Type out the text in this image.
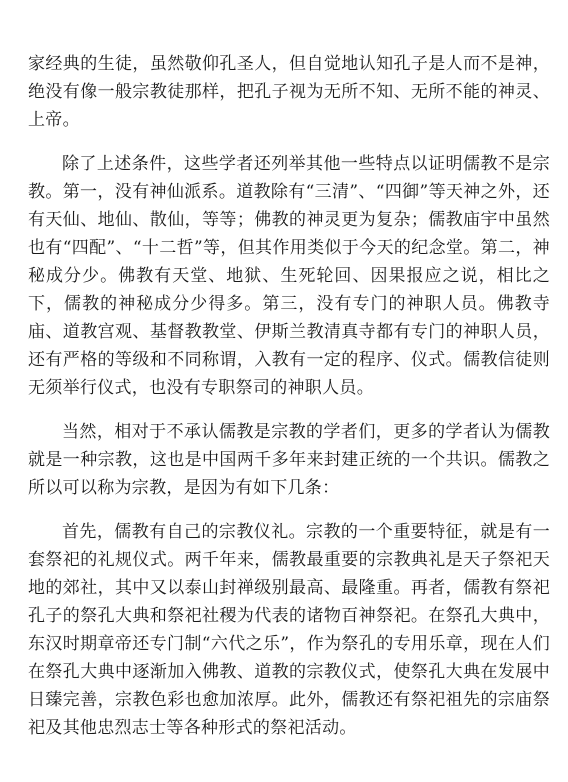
家经典的生徒，虽然敬仰孔圣人，但自觉地认知孔子是人而不是神，绝没有像一般宗教徒那样，把孔子视为无所不知、无所不能的神灵、上帝。

除了上述条件，这些学者还列举其他一些特点以证明儒教不是宗教。第一，没有神仙派系。道教除有“三清”、“四御”等天神之外，还有天仙、地仙、散仙，等等；佛教的神灵更为复杂；儒教庙宇中虽然也有“四配”、“十二哲”等，但其作用类似于今天的纪念堂。第二，神秘成分少。佛教有天堂、地狱、生死轮回、因果报应之说，相比之下，儒教的神秘成分少得多。第三，没有专门的神职人员。佛教寺庙、道教宫观、基督教教堂、伊斯兰教清真寺都有专门的神职人员，还有严格的等级和不同称谓，入教有一定的程序、仪式。儒教信徒则无须举行仪式，也没有专职祭司的神职人员。

当然，相对于不承认儒教是宗教的学者们，更多的学者认为儒教就是一种宗教，这也是中国两千多年来封建正统的一个共识。儒教之所以可以称为宗教，是因为有如下几条：

首先，儒教有自己的宗教仪礼。宗教的一个重要特征，就是有一套祭祀的礼规仪式。两千年来，儒教最重要的宗教典礼是天子祭祀天地的郊社，其中又以泰山封禅级别最高、最隆重。再者，儒教有祭祀孔子的祭孔大典和祭祀社稷为代表的诸物百神祭祀。在祭孔大典中，东汉时期章帝还专门制“六代之乐”，作为祭孔的专用乐章，现在人们在祭孔大典中逐渐加入佛教、道教的宗教仪式，使祭孔大典在发展中日臻完善，宗教色彩也愈加浓厚。此外，儒教还有祭祀祖先的宗庙祭祀及其他忠烈志士等各种形式的祭祀活动。
